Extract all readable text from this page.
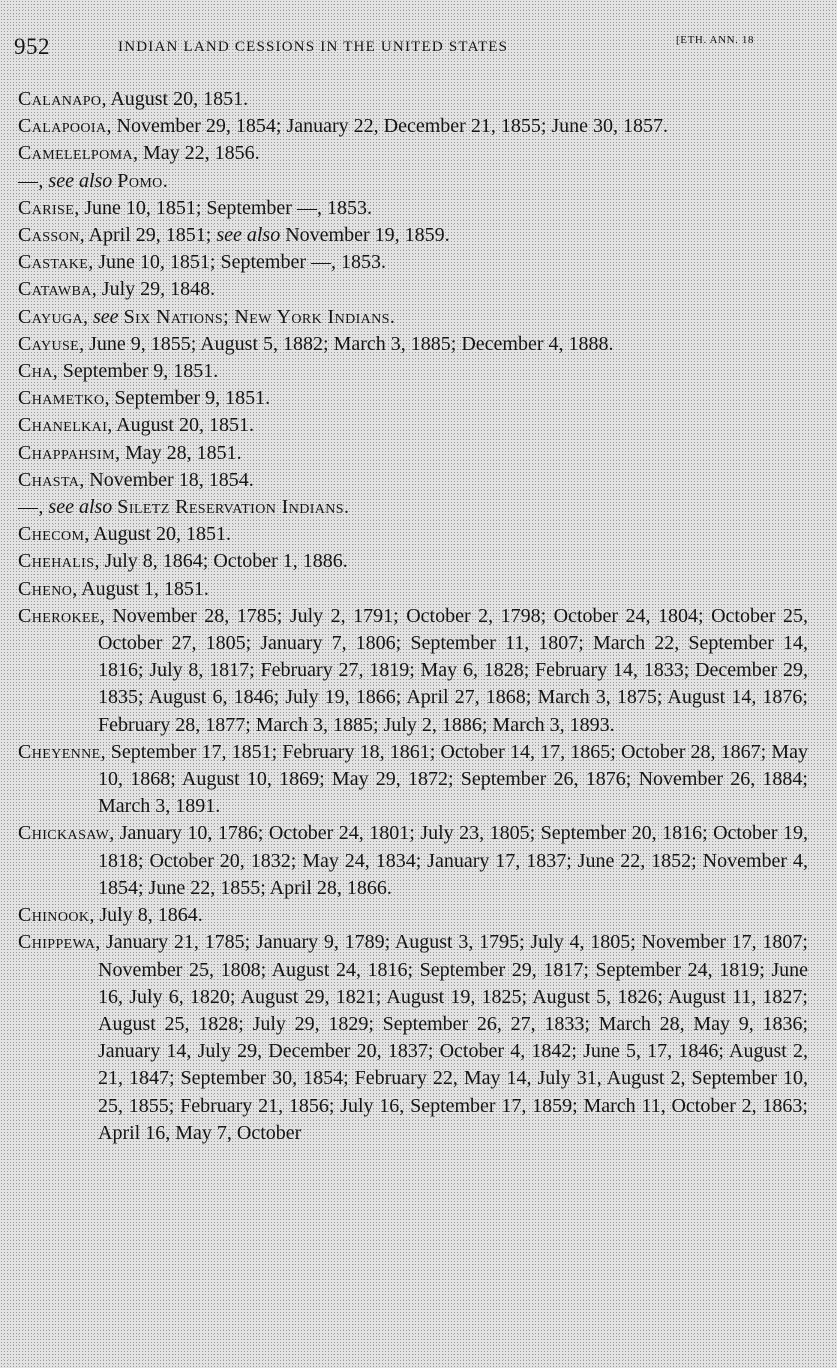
952	INDIAN LAND CESSIONS IN THE UNITED STATES	[ETH. ANN. 18

Calanapo, August 20, 1851.

Calapooia, November 29, 1854; January 22, December 21, 1855; June 30, 1857.

Camelelpoma, May 22, 1856.

—, see also Pomo.

Carise, June 10, 1851; September —, 1853.

Casson, April 29, 1851; see also November 19, 1859.

Castake, June 10, 1851; September —, 1853.

Catawba, July 29, 1848.

Cayuga, see Six Nations; New York Indians.

Cayuse, June 9, 1855; August 5, 1882; March 3, 1885; December 4, 1888.

Cha, September 9, 1851.

Chametko, September 9, 1851.

Chanelkai, August 20, 1851.

Chappahsim, May 28, 1851.

Chasta, November 18, 1854.

—, see also Siletz Reservation Indians.

Checom, August 20, 1851.

Chehalis, July 8, 1864; October 1, 1886.

Cheno, August 1, 1851.

Cherokee, November 28, 1785; July 2, 1791; October 2, 1798; October 24, 1804; October 25, October 27, 1805; January 7, 1806; September 11, 1807; March 22, September 14, 1816; July 8, 1817; February 27, 1819; May 6, 1828; February 14, 1833; December 29, 1835; August 6, 1846; July 19, 1866; April 27, 1868; March 3, 1875; August 14, 1876; February 28, 1877; March 3, 1885; July 2, 1886; March 3, 1893.

Cheyenne, September 17, 1851; February 18, 1861; October 14, 17, 1865; October 28, 1867; May 10, 1868; August 10, 1869; May 29, 1872; September 26, 1876; November 26, 1884; March 3, 1891.

Chickasaw, January 10, 1786; October 24, 1801; July 23, 1805; September 20, 1816; October 19, 1818; October 20, 1832; May 24, 1834; January 17, 1837; June 22, 1852; November 4, 1854; June 22, 1855; April 28, 1866.

Chinook, July 8, 1864.

Chippewa, January 21, 1785; January 9, 1789; August 3, 1795; July 4, 1805; November 17, 1807; November 25, 1808; August 24, 1816; September 29, 1817; September 24, 1819; June 16, July 6, 1820; August 29, 1821; August 19, 1825; August 5, 1826; August 11, 1827; August 25, 1828; July 29, 1829; September 26, 27, 1833; March 28, May 9, 1836; January 14, July 29, December 20, 1837; October 4, 1842; June 5, 17, 1846; August 2, 21, 1847; September 30, 1854; February 22, May 14, July 31, August 2, September 10, 25, 1855; February 21, 1856; July 16, September 17, 1859; March 11, October 2, 1863; April 16, May 7, October
